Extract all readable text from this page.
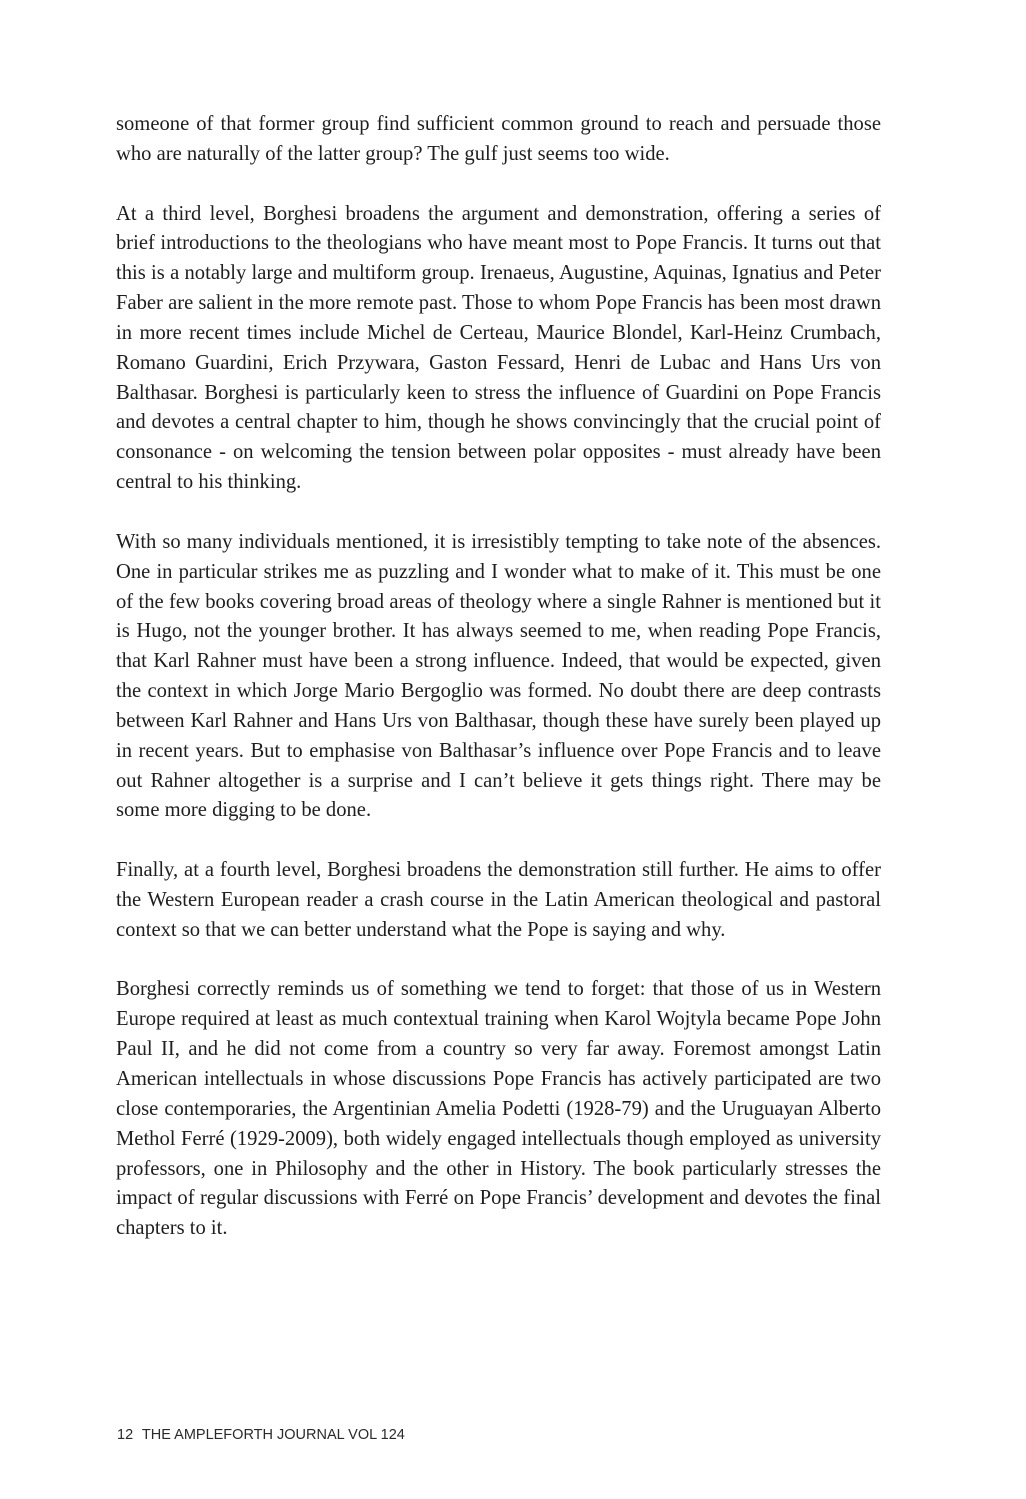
someone of that former group find sufficient common ground to reach and persuade those who are naturally of the latter group? The gulf just seems too wide.

At a third level, Borghesi broadens the argument and demonstration, offering a series of brief introductions to the theologians who have meant most to Pope Francis. It turns out that this is a notably large and multiform group. Irenaeus, Augustine, Aquinas, Ignatius and Peter Faber are salient in the more remote past. Those to whom Pope Francis has been most drawn in more recent times include Michel de Certeau, Maurice Blondel, Karl-Heinz Crumbach, Romano Guardini, Erich Przywara, Gaston Fessard, Henri de Lubac and Hans Urs von Balthasar. Borghesi is particularly keen to stress the influence of Guardini on Pope Francis and devotes a central chapter to him, though he shows convincingly that the crucial point of consonance - on welcoming the tension between polar opposites - must already have been central to his thinking.

With so many individuals mentioned, it is irresistibly tempting to take note of the absences. One in particular strikes me as puzzling and I wonder what to make of it. This must be one of the few books covering broad areas of theology where a single Rahner is mentioned but it is Hugo, not the younger brother. It has always seemed to me, when reading Pope Francis, that Karl Rahner must have been a strong influence. Indeed, that would be expected, given the context in which Jorge Mario Bergoglio was formed. No doubt there are deep contrasts between Karl Rahner and Hans Urs von Balthasar, though these have surely been played up in recent years. But to emphasise von Balthasar’s influence over Pope Francis and to leave out Rahner altogether is a surprise and I can’t believe it gets things right. There may be some more digging to be done.

Finally, at a fourth level, Borghesi broadens the demonstration still further. He aims to offer the Western European reader a crash course in the Latin American theological and pastoral context so that we can better understand what the Pope is saying and why.

Borghesi correctly reminds us of something we tend to forget: that those of us in Western Europe required at least as much contextual training when Karol Wojtyla became Pope John Paul II, and he did not come from a country so very far away. Foremost amongst Latin American intellectuals in whose discussions Pope Francis has actively participated are two close contemporaries, the Argentinian Amelia Podetti (1928-79) and the Uruguayan Alberto Methol Ferré (1929-2009), both widely engaged intellectuals though employed as university professors, one in Philosophy and the other in History. The book particularly stresses the impact of regular discussions with Ferré on Pope Francis’ development and devotes the final chapters to it.

12 THE AMPLEFORTH JOURNAL VOL 124
